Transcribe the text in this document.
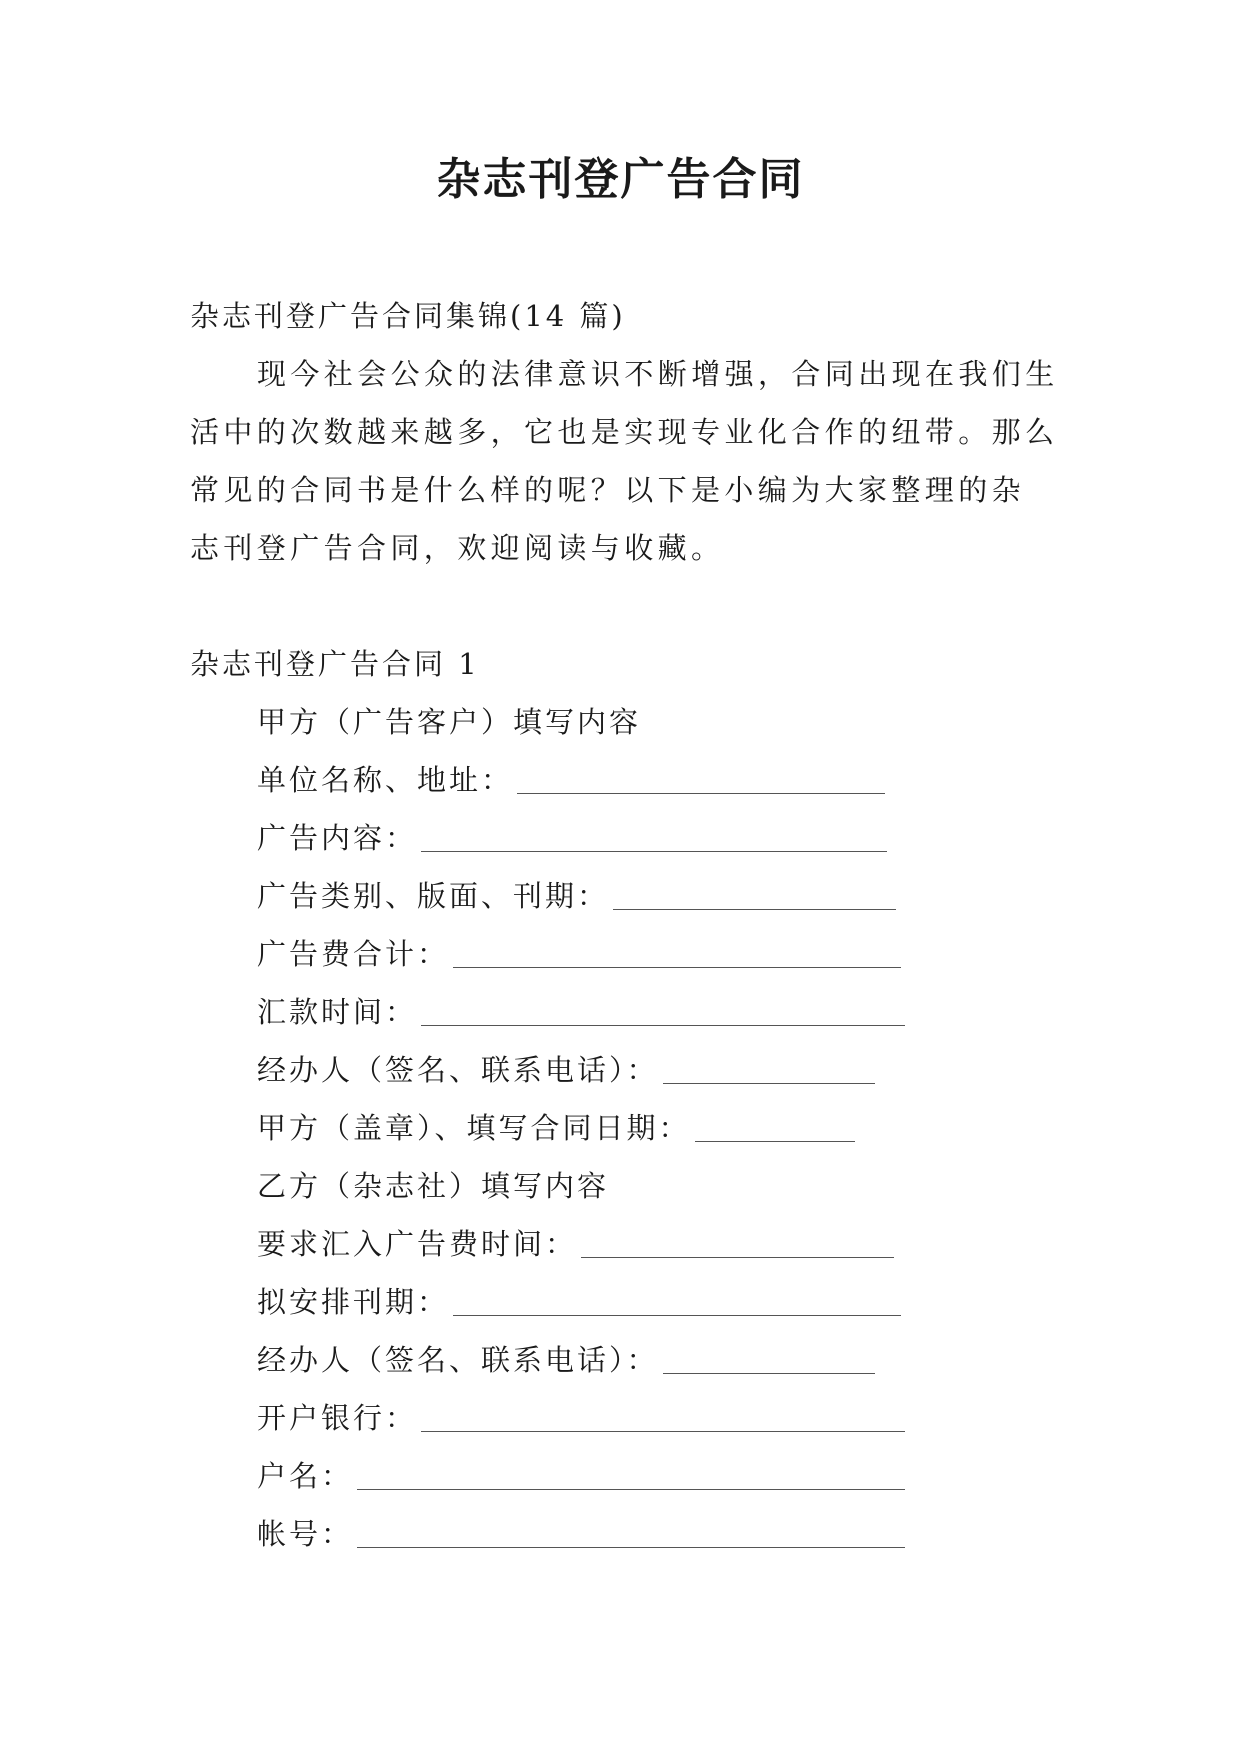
杂志刊登广告合同
杂志刊登广告合同集锦(14 篇)
现今社会公众的法律意识不断增强，合同出现在我们生
活中的次数越来越多，它也是实现专业化合作的纽带。那么
常见的合同书是什么样的呢？以下是小编为大家整理的杂
志刊登广告合同，欢迎阅读与收藏。
杂志刊登广告合同 1
甲方（广告客户）填写内容
单位名称、地址：
广告内容：
广告类别、版面、刊期：
广告费合计：
汇款时间：
经办人（签名、联系电话）：
甲方（盖章）、填写合同日期：
乙方（杂志社）填写内容
要求汇入广告费时间：
拟安排刊期：
经办人（签名、联系电话）：
开户银行：
户名：
帐号：
